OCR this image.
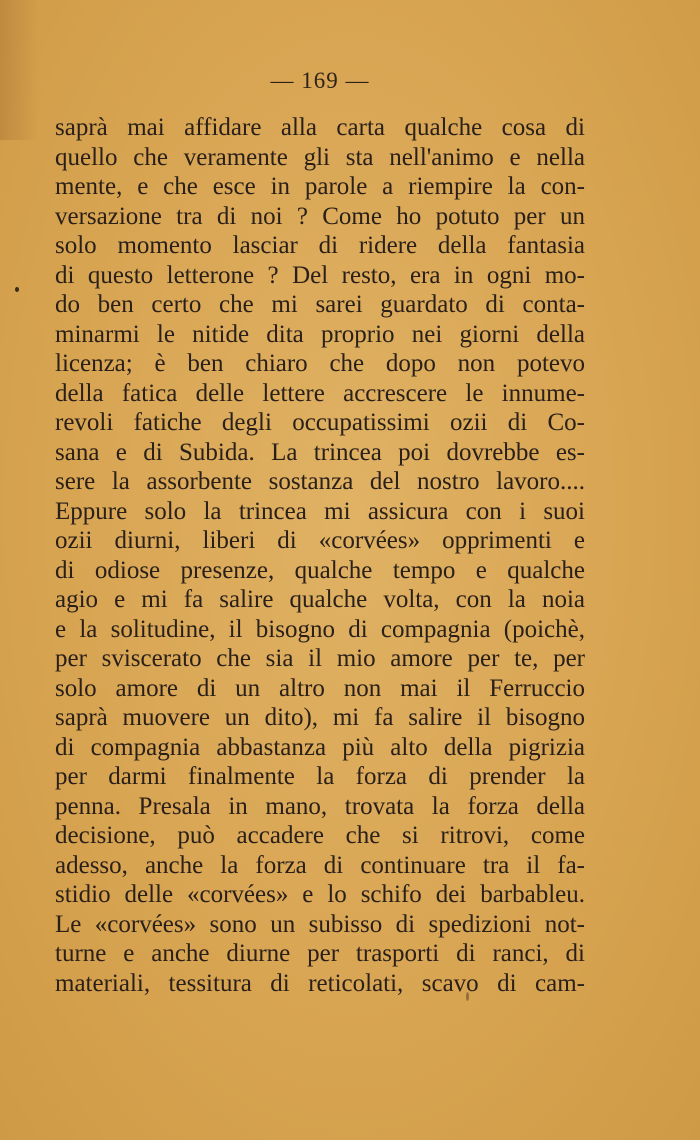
— 169 —
saprà mai affidare alla carta qualche cosa di
quello che veramente gli sta nell'animo e nella
mente, e che esce in parole a riempire la con-
versazione tra di noi ? Come ho potuto per un
solo momento lasciar di ridere della fantasia
di questo letterone ? Del resto, era in ogni mo-
do ben certo che mi sarei guardato di conta-
minarmi le nitide dita proprio nei giorni della
licenza; è ben chiaro che dopo non potevo
della fatica delle lettere accrescere le innume-
revoli fatiche degli occupatissimi ozii di Co-
sana e di Subida. La trincea poi dovrebbe es-
sere la assorbente sostanza del nostro lavoro....
Eppure solo la trincea mi assicura con i suoi
ozii diurni, liberi di «corvées» opprimenti e
di odiose presenze, qualche tempo e qualche
agio e mi fa salire qualche volta, con la noia
e la solitudine, il bisogno di compagnia (poichè,
per sviscerato che sia il mio amore per te, per
solo amore di un altro non mai il Ferruccio
saprà muovere un dito), mi fa salire il bisogno
di compagnia abbastanza più alto della pigrizia
per darmi finalmente la forza di prender la
penna. Presala in mano, trovata la forza della
decisione, può accadere che si ritrovi, come
adesso, anche la forza di continuare tra il fa-
stidio delle «corvées» e lo schifo dei barbableu.
Le «corvées» sono un subisso di spedizioni not-
turne e anche diurne per trasporti di ranci, di
materiali, tessitura di reticolati, scavo di cam-
